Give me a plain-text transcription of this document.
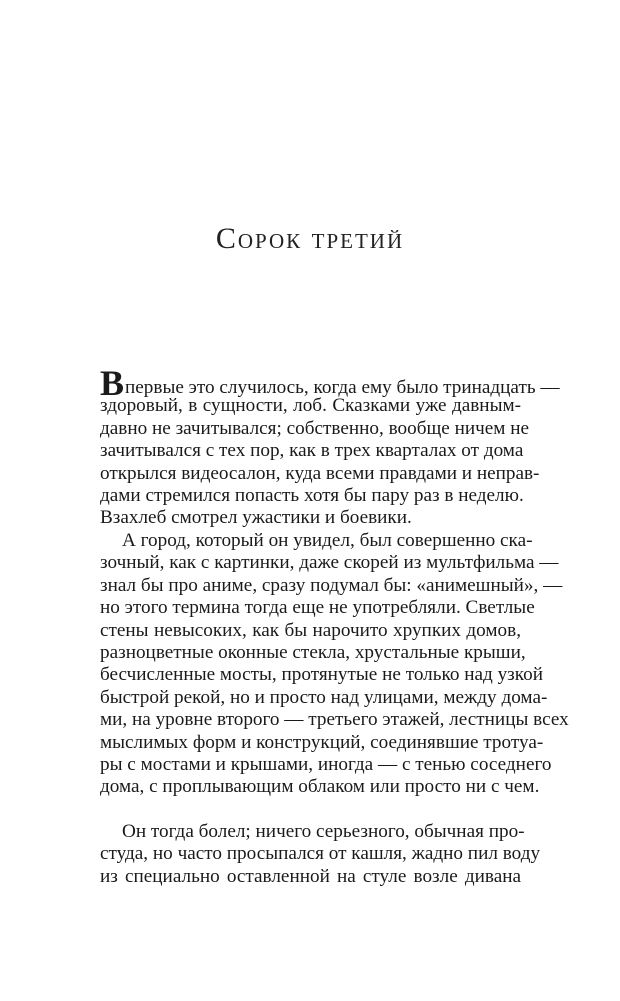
Сорок третий
Впервые это случилось, когда ему было тринадцать —
здоровый, в сущности, лоб. Сказками уже давным-
давно не зачитывался; собственно, вообще ничем не
зачитывался с тех пор, как в трех кварталах от дома
открылся видеосалон, куда всеми правдами и неправ-
дами стремился попасть хотя бы пару раз в неделю.
Взахлеб смотрел ужастики и боевики.
А город, который он увидел, был совершенно ска-
зочный, как с картинки, даже скорей из мультфильма —
знал бы про аниме, сразу подумал бы: «анимешный», —
но этого термина тогда еще не употребляли. Светлые
стены невысоких, как бы нарочито хрупких домов,
разноцветные оконные стекла, хрустальные крыши,
бесчисленные мосты, протянутые не только над узкой
быстрой рекой, но и просто над улицами, между дома-
ми, на уровне второго — третьего этажей, лестницы всех
мыслимых форм и конструкций, соединявшие тротуа-
ры с мостами и крышами, иногда — с тенью соседнего
дома, с проплывающим облаком или просто ни с чем.
Он тогда болел; ничего серьезного, обычная про-
студа, но часто просыпался от кашля, жадно пил воду
из специально оставленной на стуле возле дивана
